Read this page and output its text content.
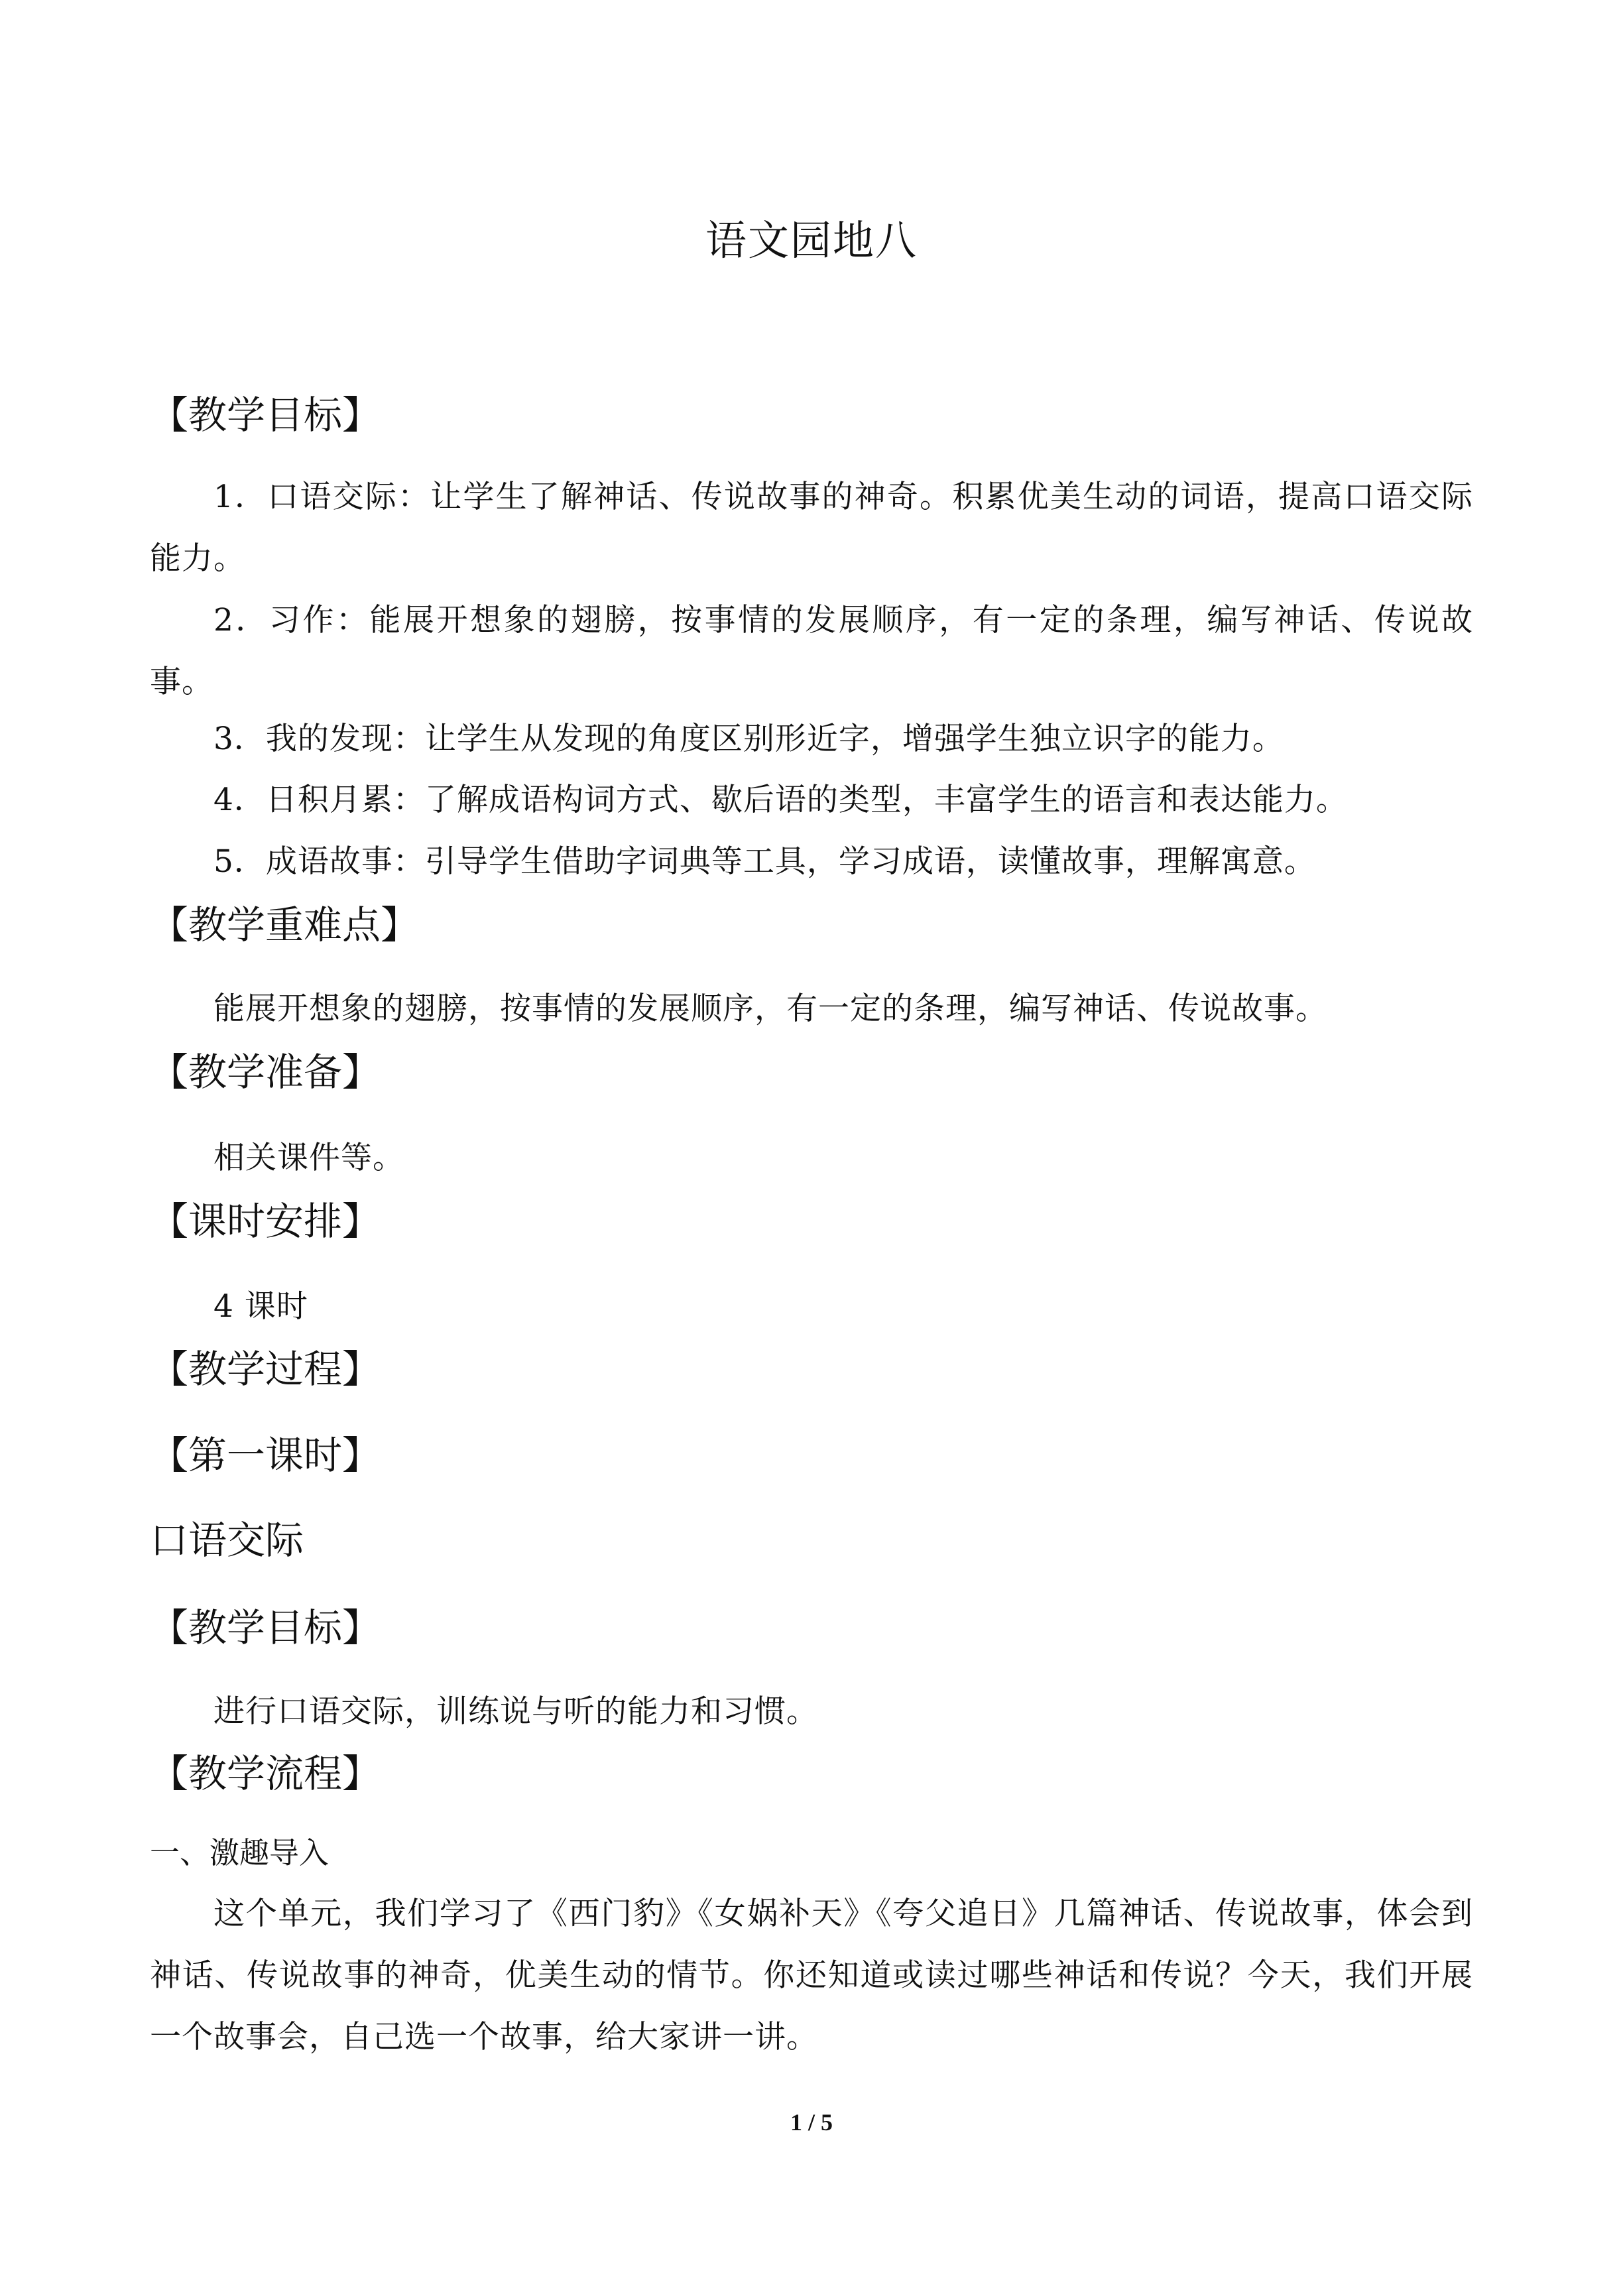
语文园地八
【教学目标】
1．口语交际：让学生了解神话、传说故事的神奇。积累优美生动的词语，提高口语交际能力。
2．习作：能展开想象的翅膀，按事情的发展顺序，有一定的条理，编写神话、传说故事。
3．我的发现：让学生从发现的角度区别形近字，增强学生独立识字的能力。
4．日积月累：了解成语构词方式、歇后语的类型，丰富学生的语言和表达能力。
5．成语故事：引导学生借助字词典等工具，学习成语，读懂故事，理解寓意。
【教学重难点】
能展开想象的翅膀，按事情的发展顺序，有一定的条理，编写神话、传说故事。
【教学准备】
相关课件等。
【课时安排】
4 课时
【教学过程】
【第一课时】
口语交际
【教学目标】
进行口语交际，训练说与听的能力和习惯。
【教学流程】
一、激趣导入
这个单元，我们学习了《西门豹》《女娲补天》《夸父追日》几篇神话、传说故事，体会到神话、传说故事的神奇，优美生动的情节。你还知道或读过哪些神话和传说？今天，我们开展一个故事会，自己选一个故事，给大家讲一讲。
1 / 5
